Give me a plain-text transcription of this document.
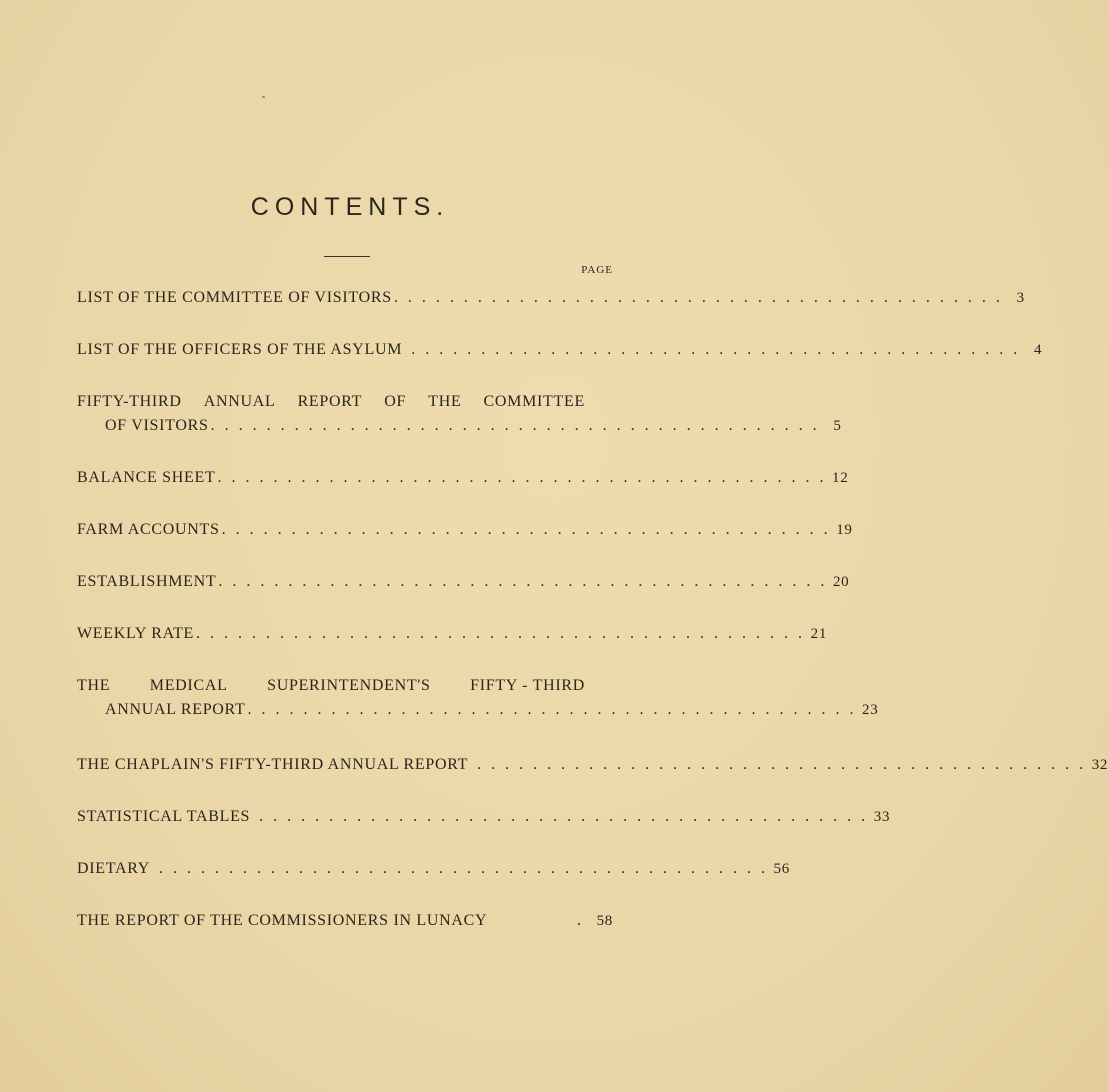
CONTENTS.
PAGE
LIST OF THE COMMITTEE OF VISITORS . . . . . . . . . . . . . . . . . . . . . . . . . . . . . . . . . . . . . . . . . . . . 3
LIST OF THE OFFICERS OF THE ASYLUM . . . . . . . . . . . . . . . . . . . . . . . . . . . . . . . . . . . . . . . . . . . . 4
FIFTY-THIRD ANNUAL REPORT OF THE COMMITTEE
OF VISITORS . . . . . . . . . . . . . . . . . . . . . . . . . . . . . . . . . . . . . . . . . . . . 5
BALANCE SHEET . . . . . . . . . . . . . . . . . . . . . . . . . . . . . . . . . . . . . . . . . . . . 12
FARM ACCOUNTS . . . . . . . . . . . . . . . . . . . . . . . . . . . . . . . . . . . . . . . . . . . . 19
ESTABLISHMENT . . . . . . . . . . . . . . . . . . . . . . . . . . . . . . . . . . . . . . . . . . . . 20
WEEKLY RATE . . . . . . . . . . . . . . . . . . . . . . . . . . . . . . . . . . . . . . . . . . . . 21
THE MEDICAL SUPERINTENDENT'S FIFTY - THIRD
ANNUAL REPORT . . . . . . . . . . . . . . . . . . . . . . . . . . . . . . . . . . . . . . . . . . . . 23
THE CHAPLAIN'S FIFTY-THIRD ANNUAL REPORT . . . . . . . . . . . . . . . . . . . . . . . . . . . . . . . . . . . . . . . . . . . . 32
STATISTICAL TABLES . . . . . . . . . . . . . . . . . . . . . . . . . . . . . . . . . . . . . . . . . . . . 33
DIETARY . . . . . . . . . . . . . . . . . . . . . . . . . . . . . . . . . . . . . . . . . . . . 56
THE REPORT OF THE COMMISSIONERS IN LUNACY	. 58
